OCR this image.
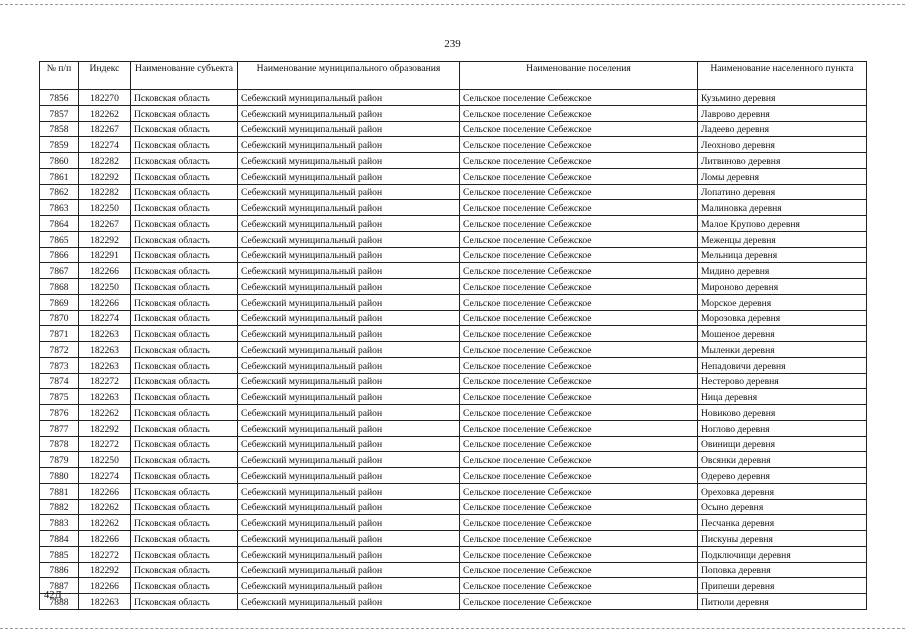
239
№ п/п	Индекс	Наименование субъекта	Наименование муниципального образования	Наименование поселения	Наименование населенного пункта
7856	182270	Псковская область	Себежский муниципальный район	Сельское поселение Себежское	Кузьмино деревня
7857	182262	Псковская область	Себежский муниципальный район	Сельское поселение Себежское	Лаврово деревня
7858	182267	Псковская область	Себежский муниципальный район	Сельское поселение Себежское	Ладеево деревня
7859	182274	Псковская область	Себежский муниципальный район	Сельское поселение Себежское	Леохново деревня
7860	182282	Псковская область	Себежский муниципальный район	Сельское поселение Себежское	Литвиново деревня
7861	182292	Псковская область	Себежский муниципальный район	Сельское поселение Себежское	Ломы деревня
7862	182282	Псковская область	Себежский муниципальный район	Сельское поселение Себежское	Лопатино деревня
7863	182250	Псковская область	Себежский муниципальный район	Сельское поселение Себежское	Малиновка деревня
7864	182267	Псковская область	Себежский муниципальный район	Сельское поселение Себежское	Малое Крупово деревня
7865	182292	Псковская область	Себежский муниципальный район	Сельское поселение Себежское	Меженцы деревня
7866	182291	Псковская область	Себежский муниципальный район	Сельское поселение Себежское	Мельница деревня
7867	182266	Псковская область	Себежский муниципальный район	Сельское поселение Себежское	Мидино деревня
7868	182250	Псковская область	Себежский муниципальный район	Сельское поселение Себежское	Мироново деревня
7869	182266	Псковская область	Себежский муниципальный район	Сельское поселение Себежское	Морское деревня
7870	182274	Псковская область	Себежский муниципальный район	Сельское поселение Себежское	Морозовка деревня
7871	182263	Псковская область	Себежский муниципальный район	Сельское поселение Себежское	Мошеное деревня
7872	182263	Псковская область	Себежский муниципальный район	Сельское поселение Себежское	Мыленки деревня
7873	182263	Псковская область	Себежский муниципальный район	Сельское поселение Себежское	Непадовичи деревня
7874	182272	Псковская область	Себежский муниципальный район	Сельское поселение Себежское	Нестерово деревня
7875	182263	Псковская область	Себежский муниципальный район	Сельское поселение Себежское	Ница деревня
7876	182262	Псковская область	Себежский муниципальный район	Сельское поселение Себежское	Новиково деревня
7877	182292	Псковская область	Себежский муниципальный район	Сельское поселение Себежское	Ноглово деревня
7878	182272	Псковская область	Себежский муниципальный район	Сельское поселение Себежское	Овинищи деревня
7879	182250	Псковская область	Себежский муниципальный район	Сельское поселение Себежское	Овсянки деревня
7880	182274	Псковская область	Себежский муниципальный район	Сельское поселение Себежское	Одерево деревня
7881	182266	Псковская область	Себежский муниципальный район	Сельское поселение Себежское	Ореховка деревня
7882	182262	Псковская область	Себежский муниципальный район	Сельское поселение Себежское	Осыно деревня
7883	182262	Псковская область	Себежский муниципальный район	Сельское поселение Себежское	Песчанка деревня
7884	182266	Псковская область	Себежский муниципальный район	Сельское поселение Себежское	Пискуны деревня
7885	182272	Псковская область	Себежский муниципальный район	Сельское поселение Себежское	Подключищи деревня
7886	182292	Псковская область	Себежский муниципальный район	Сельское поселение Себежское	Поповка деревня
7887	182266	Псковская область	Себежский муниципальный район	Сельское поселение Себежское	Припеши деревня
7888	182263	Псковская область	Себежский муниципальный район	Сельское поселение Себежское	Питюли деревня
42Д
